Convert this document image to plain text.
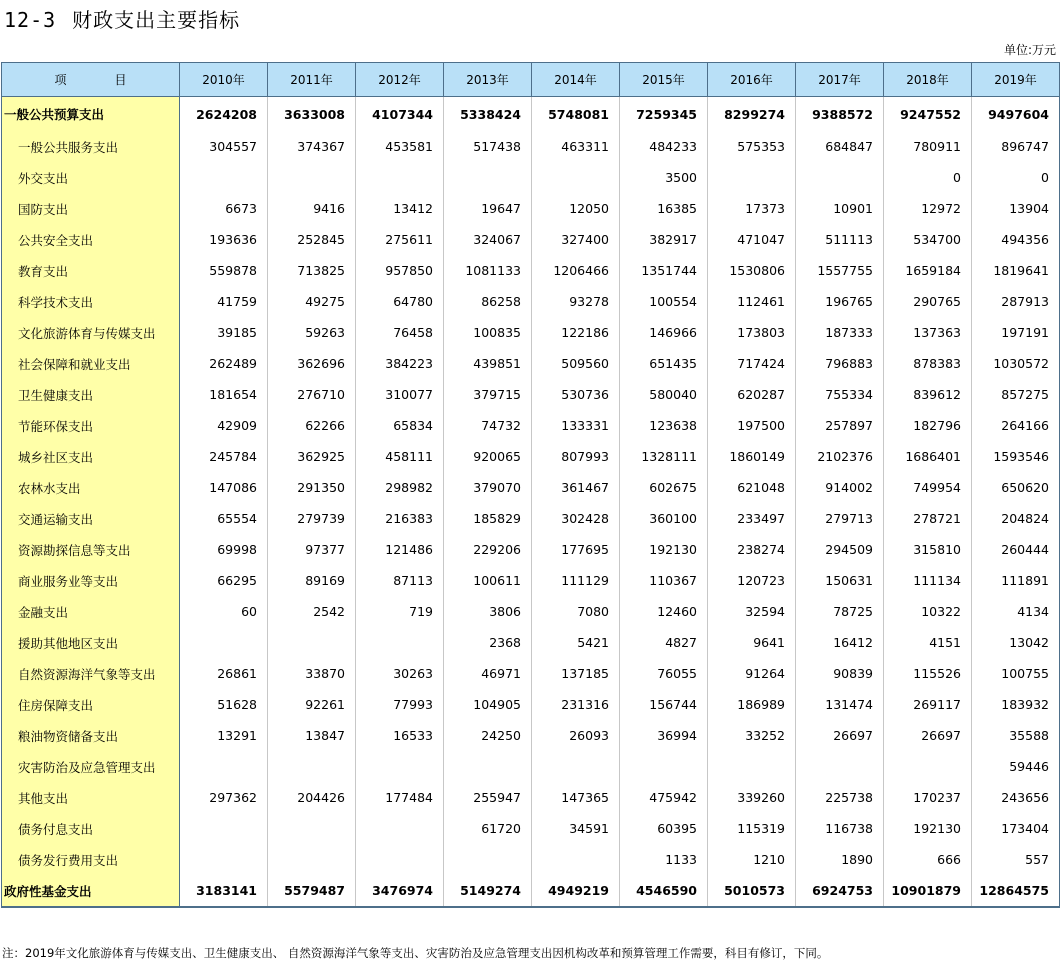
12-3 财政支出主要指标
单位:万元
项　目	2010年	2011年	2012年	2013年	2014年	2015年	2016年	2017年	2018年	2019年
一般公共预算支出	2624208	3633008	4107344	5338424	5748081	7259345	8299274	9388572	9247552	9497604
一般公共服务支出	304557	374367	453581	517438	463311	484233	575353	684847	780911	896747
外交支出						3500			0	0
国防支出	6673	9416	13412	19647	12050	16385	17373	10901	12972	13904
公共安全支出	193636	252845	275611	324067	327400	382917	471047	511113	534700	494356
教育支出	559878	713825	957850	1081133	1206466	1351744	1530806	1557755	1659184	1819641
科学技术支出	41759	49275	64780	86258	93278	100554	112461	196765	290765	287913
文化旅游体育与传媒支出	39185	59263	76458	100835	122186	146966	173803	187333	137363	197191
社会保障和就业支出	262489	362696	384223	439851	509560	651435	717424	796883	878383	1030572
卫生健康支出	181654	276710	310077	379715	530736	580040	620287	755334	839612	857275
节能环保支出	42909	62266	65834	74732	133331	123638	197500	257897	182796	264166
城乡社区支出	245784	362925	458111	920065	807993	1328111	1860149	2102376	1686401	1593546
农林水支出	147086	291350	298982	379070	361467	602675	621048	914002	749954	650620
交通运输支出	65554	279739	216383	185829	302428	360100	233497	279713	278721	204824
资源勘探信息等支出	69998	97377	121486	229206	177695	192130	238274	294509	315810	260444
商业服务业等支出	66295	89169	87113	100611	111129	110367	120723	150631	111134	111891
金融支出	60	2542	719	3806	7080	12460	32594	78725	10322	4134
援助其他地区支出				2368	5421	4827	9641	16412	4151	13042
自然资源海洋气象等支出	26861	33870	30263	46971	137185	76055	91264	90839	115526	100755
住房保障支出	51628	92261	77993	104905	231316	156744	186989	131474	269117	183932
粮油物资储备支出	13291	13847	16533	24250	26093	36994	33252	26697	26697	35588
灾害防治及应急管理支出										59446
其他支出	297362	204426	177484	255947	147365	475942	339260	225738	170237	243656
债务付息支出				61720	34591	60395	115319	116738	192130	173404
债务发行费用支出						1133	1210	1890	666	557
政府性基金支出	3183141	5579487	3476974	5149274	4949219	4546590	5010573	6924753	10901879	12864575
注：2019年文化旅游体育与传媒支出、卫生健康支出、 自然资源海洋气象等支出、灾害防治及应急管理支出因机构改革和预算管理工作需要，科目有修订，下同。
